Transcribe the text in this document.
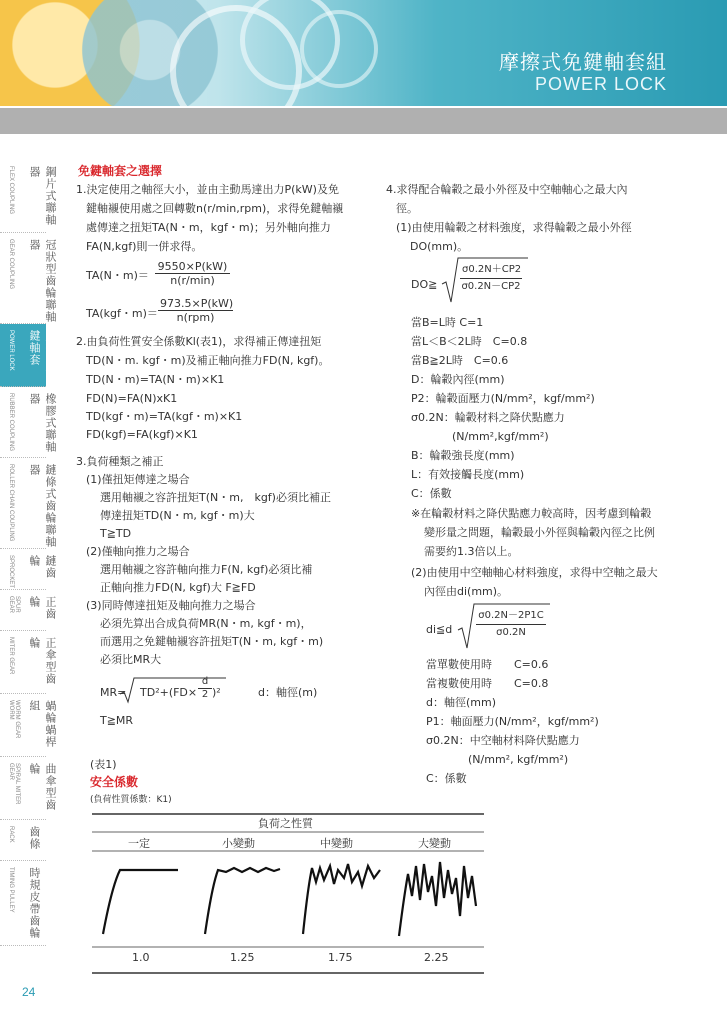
摩擦式免鍵軸套組
POWER LOCK
鋼片式聯軸器
FLEX COUPLING
冠狀型齒輪聯軸器
GEAR COUPLING
摩擦式免鍵軸套
POWER LOCK
橡膠式聯軸器
RUBBER COUPLING
鏈條式齒輪聯軸器
ROLLER CHAIN COUPLING
鏈齒輪
SPROCKET
正齒輪
SPUR GEAR
正傘型齒輪
MITER GEAR
蝸輪蝸桿組
WORM GEAR WORM
曲傘型齒輪
SPIRAL MITER GEAR
齒條
RACK
時規皮帶齒輪
TIMING PULLEY
24
免鍵軸套之選擇
1.決定使用之軸徑大小，並由主動馬達出力P(kW)及免
鍵軸襯使用處之回轉數n(r/min,rpm)，求得免鍵軸襯
處傳達之扭矩TA(N・m，kgf・m)；另外軸向推力
FA(N,kgf)則一併求得。
TA(N・m)＝
9550×P(kW)
n(r/min)
TA(kgf・m)＝
973.5×P(kW)
n(rpm)
2.由負荷性質安全係數Kl(表1)，求得補正傳達扭矩
TD(N・m. kgf・m)及補正軸向推力FD(N, kgf)。
TD(N・m)=TA(N・m)×K1
FD(N)=FA(N)xK1
TD(kgf・m)=TA(kgf・m)×K1
FD(kgf)=FA(kgf)×K1
3.負荷種類之補正
(1)僅扭矩傳達之場合
選用軸襯之容許扭矩T(N・m,　kgf)必須比補正
傳達扭矩TD(N・m, kgf・m)大
T≧TD
(2)僅軸向推力之場合
選用軸襯之容許軸向推力F(N, kgf)必須比補
正軸向推力FD(N, kgf)大 F≧FD
(3)同時傳達扭矩及軸向推力之場合
必須先算出合成負荷MR(N・m, kgf・m)，
而選用之免鍵軸襯容許扭矩T(N・m, kgf・m)
必須比MR大
$MR= TD^2+(FD\times \frac{d}{2} )^2$	d：軸徑(m)
T≧MR
(表1)
安全係數
(負荷性質係數：K1)
負荷之性質
一定	小變動	中變動	大變動
1.0	1.25	1.75	2.25
4.求得配合輪轂之最小外徑及中空軸軸心之最大內
徑。
(1)由使用輪轂之材料強度，求得輪轂之最小外徑
DO(mm)。
DO≧ $\frac{\sigma 0.2N+CP2}{\sigma 0.2N-CP2}$
當B=L時 C=1
當L＜B＜2L時　C=0.8
當B≧2L時　C=0.6
D：輪轂內徑(mm)
P2：輪轂面壓力(N/mm²，kgf/mm²)
σ0.2N：輪轂材料之降伏點應力
(N/mm²,kgf/mm²)
B：輪轂強長度(mm)
L：有效接觸長度(mm)
C：係數
※在輪轂材料之降伏點應力較高時，因考慮到輪轂
變形量之問題，輪轂最小外徑與輪轂內徑之比例
需要約1.3倍以上。
(2)由使用中空軸軸心材料強度，求得中空軸之最大
內徑由di(mm)。
di≦d $\frac{\sigma 0.2N-2P1C}{\sigma 0.2N}$
當單數使用時　　C=0.6
當複數使用時　　C=0.8
d：軸徑(mm)
P1：軸面壓力(N/mm²，kgf/mm²)
σ0.2N：中空軸材料降伏點應力
(N/mm², kgf/mm²)
C：係數
